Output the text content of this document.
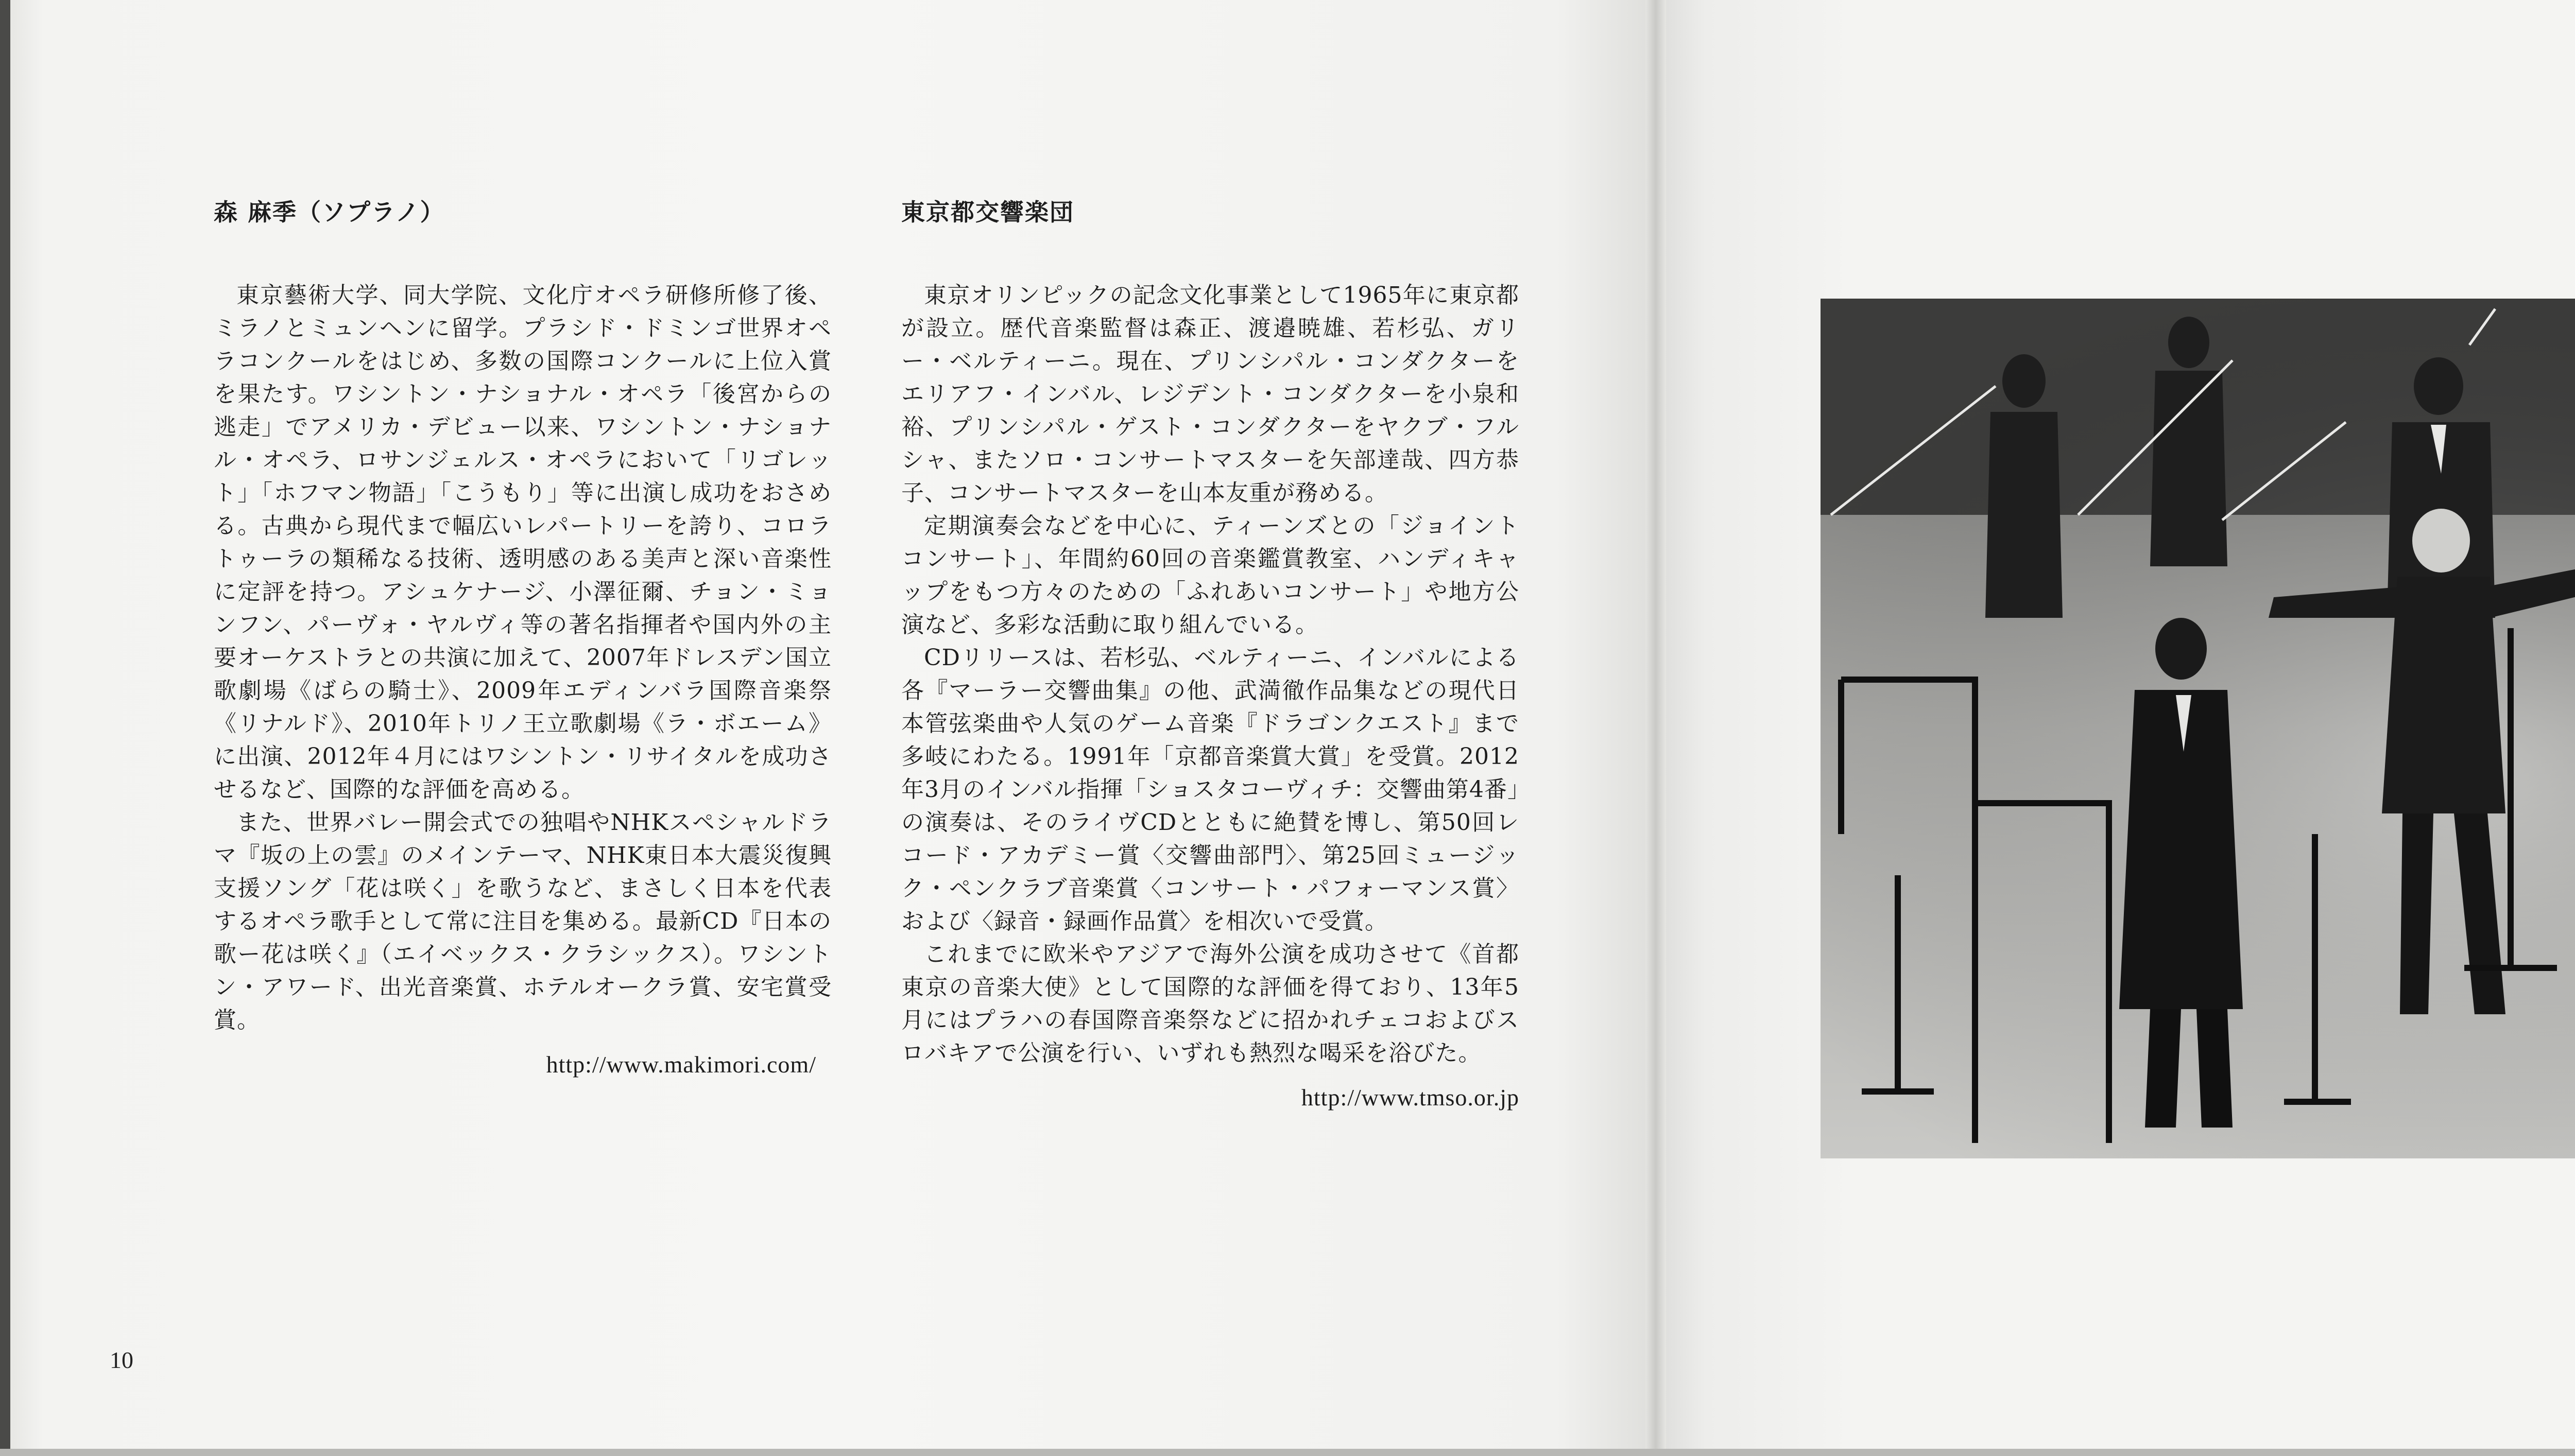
森 麻季（ソプラノ）

東京藝術大学、同大学院、文化庁オペラ研修所修了後、ミラノとミュンヘンに留学。プラシド・ドミンゴ世界オペラコンクールをはじめ、多数の国際コンクールに上位入賞を果たす。ワシントン・ナショナル・オペラ「後宮からの逃走」でアメリカ・デビュー以来、ワシントン・ナショナル・オペラ、ロサンジェルス・オペラにおいて「リゴレット」「ホフマン物語」「こうもり」等に出演し成功をおさめる。古典から現代まで幅広いレパートリーを誇り、コロラトゥーラの類稀なる技術、透明感のある美声と深い音楽性に定評を持つ。アシュケナージ、小澤征爾、チョン・ミョンフン、パーヴォ・ヤルヴィ等の著名指揮者や国内外の主要オーケストラとの共演に加えて、2007年ドレスデン国立歌劇場《ばらの騎士》、2009年エディンバラ国際音楽祭《リナルド》、2010年トリノ王立歌劇場《ラ・ボエーム》に出演、2012年４月にはワシントン・リサイタルを成功させるなど、国際的な評価を高める。

また、世界バレー開会式での独唱やNHKスペシャルドラマ『坂の上の雲』のメインテーマ、NHK東日本大震災復興支援ソング「花は咲く」を歌うなど、まさしく日本を代表するオペラ歌手として常に注目を集める。最新CD『日本の歌ー花は咲く』（エイベックス・クラシックス）。ワシントン・アワード、出光音楽賞、ホテルオークラ賞、安宅賞受賞。

http://www.makimori.com/
東京都交響楽団

東京オリンピックの記念文化事業として1965年に東京都が設立。歴代音楽監督は森正、渡邉暁雄、若杉弘、ガリー・ベルティーニ。現在、プリンシパル・コンダクターをエリアフ・インバル、レジデント・コンダクターを小泉和裕、プリンシパル・ゲスト・コンダクターをヤクブ・フルシャ、またソロ・コンサートマスターを矢部達哉、四方恭子、コンサートマスターを山本友重が務める。

定期演奏会などを中心に、ティーンズとの「ジョイントコンサート」、年間約60回の音楽鑑賞教室、ハンディキャップをもつ方々のための「ふれあいコンサート」や地方公演など、多彩な活動に取り組んでいる。

CDリリースは、若杉弘、ベルティーニ、インバルによる各『マーラー交響曲集』の他、武満徹作品集などの現代日本管弦楽曲や人気のゲーム音楽『ドラゴンクエスト』まで多岐にわたる。1991年「京都音楽賞大賞」を受賞。2012年3月のインバル指揮「ショスタコーヴィチ：交響曲第4番」の演奏は、そのライヴCDとともに絶賛を博し、第50回レコード・アカデミー賞〈交響曲部門〉、第25回ミュージック・ペンクラブ音楽賞〈コンサート・パフォーマンス賞〉および〈録音・録画作品賞〉を相次いで受賞。

これまでに欧米やアジアで海外公演を成功させて《首都東京の音楽大使》として国際的な評価を得ており、13年5月にはプラハの春国際音楽祭などに招かれチェコおよびスロバキアで公演を行い、いずれも熱烈な喝采を浴びた。

http://www.tmso.or.jp
10
